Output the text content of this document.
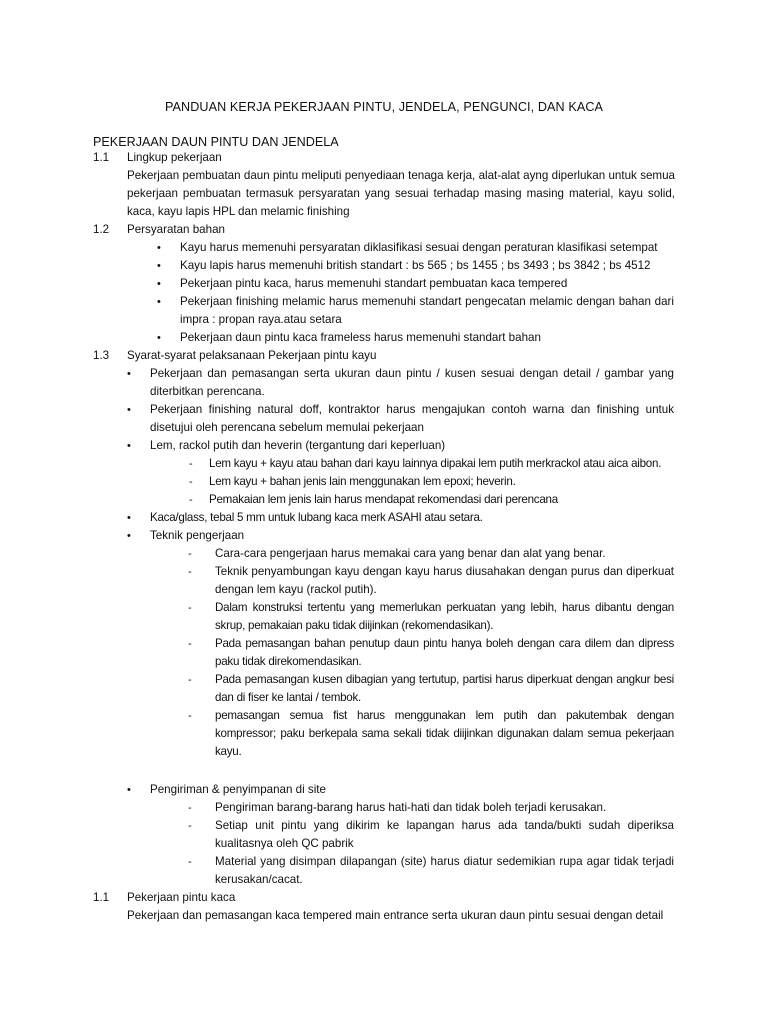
PANDUAN KERJA PEKERJAAN PINTU, JENDELA, PENGUNCI, DAN KACA
PEKERJAAN DAUN PINTU DAN JENDELA
1.1 Lingkup pekerjaan

Pekerjaan pembuatan daun pintu meliputi penyediaan tenaga kerja, alat-alat ayng diperlukan untuk semua pekerjaan pembuatan termasuk persyaratan yang sesuai terhadap masing masing material, kayu solid, kaca, kayu lapis HPL dan melamic finishing

1.2 Persyaratan bahan

• Kayu harus memenuhi persyaratan diklasifikasi sesuai dengan peraturan klasifikasi setempat

• Kayu lapis harus memenuhi british standart : bs 565 ; bs 1455 ; bs 3493 ; bs 3842 ; bs 4512

• Pekerjaan pintu kaca, harus memenuhi standart pembuatan kaca tempered

• Pekerjaan finishing melamic harus memenuhi standart pengecatan melamic dengan bahan dari impra : propan raya.atau setara

• Pekerjaan daun pintu kaca frameless harus memenuhi standart bahan

1.3 Syarat-syarat pelaksanaan Pekerjaan pintu kayu

• Pekerjaan dan pemasangan serta ukuran daun pintu / kusen sesuai dengan detail / gambar yang diterbitkan perencana.

• Pekerjaan finishing natural doff, kontraktor harus mengajukan contoh warna dan finishing untuk disetujui oleh perencana sebelum memulai pekerjaan

• Lem, rackol putih dan heverin (tergantung dari keperluan)

- Lem kayu + kayu atau bahan dari kayu lainnya dipakai lem putih merkrackol atau aica aibon.

- Lem kayu + bahan jenis lain menggunakan lem epoxi; heverin.

- Pemakaian lem jenis lain harus mendapat rekomendasi dari perencana

• Kaca/glass, tebal 5 mm untuk lubang kaca merk ASAHI atau setara.

• Teknik pengerjaan

- Cara-cara pengerjaan harus memakai cara yang benar dan alat yang benar.

- Teknik penyambungan kayu dengan kayu harus diusahakan dengan purus dan diperkuat dengan lem kayu (rackol putih).

- Dalam konstruksi tertentu yang memerlukan perkuatan yang lebih, harus dibantu dengan skrup, pemakaian paku tidak diijinkan (rekomendasikan).

- Pada pemasangan bahan penutup daun pintu hanya boleh dengan cara dilem dan dipress paku tidak direkomendasikan.

- Pada pemasangan kusen dibagian yang tertutup, partisi harus diperkuat dengan angkur besi dan di fiser ke lantai / tembok.

- pemasangan semua fist harus menggunakan lem putih dan pakutembak dengan kompressor; paku berkepala sama sekali tidak diijinkan digunakan dalam semua pekerjaan kayu.

• Pengiriman & penyimpanan di site

- Pengiriman barang-barang harus hati-hati dan tidak boleh terjadi kerusakan.

- Setiap unit pintu yang dikirim ke lapangan harus ada tanda/bukti sudah diperiksa kualitasnya oleh QC pabrik

- Material yang disimpan dilapangan (site) harus diatur sedemikian rupa agar tidak terjadi kerusakan/cacat.

1.1 Pekerjaan pintu kaca

Pekerjaan dan pemasangan kaca tempered main entrance serta ukuran daun pintu sesuai dengan detail
